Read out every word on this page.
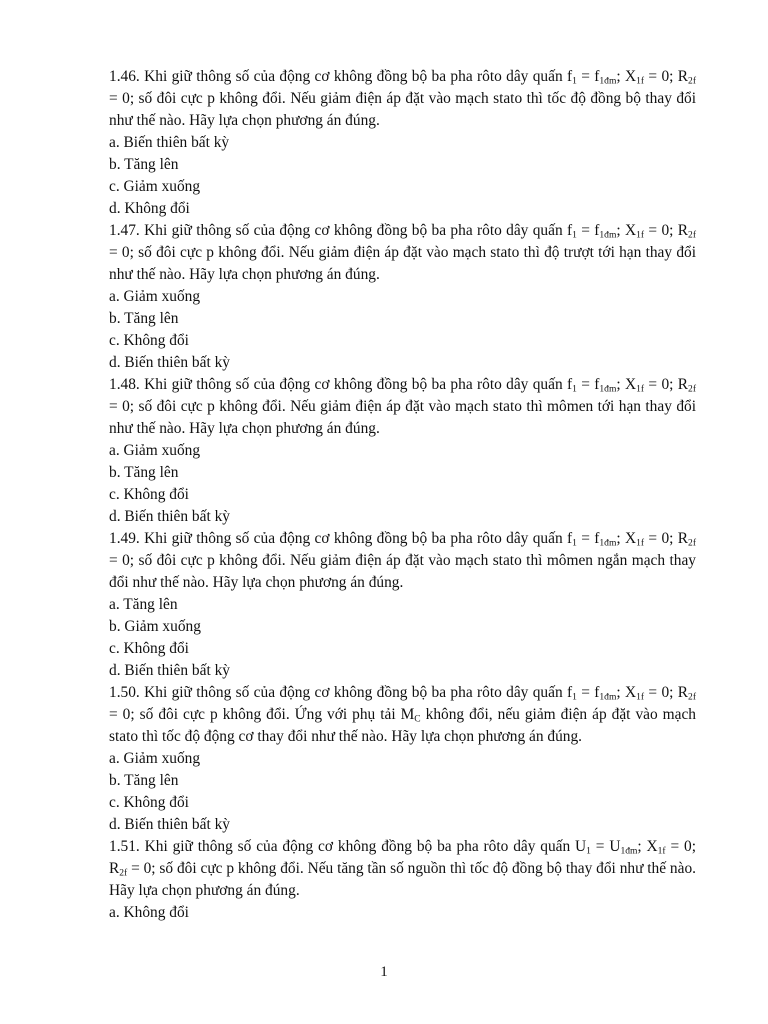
1.46. Khi giữ thông số của động cơ không đồng bộ ba pha rôto dây quấn $f_1 = f_{1đm}$; $X_{1f} = 0$; $R_{2f} = 0$; số đôi cực p không đổi. Nếu giảm điện áp đặt vào mạch stato thì tốc độ đồng bộ thay đổi như thế nào. Hãy lựa chọn phương án đúng.
a. Biến thiên bất kỳ
b. Tăng lên
c. Giảm xuống
d. Không đổi
1.47. Khi giữ thông số của động cơ không đồng bộ ba pha rôto dây quấn $f_1 = f_{1đm}$; $X_{1f} = 0$; $R_{2f} = 0$; số đôi cực p không đổi. Nếu giảm điện áp đặt vào mạch stato thì độ trượt tới hạn thay đổi như thế nào. Hãy lựa chọn phương án đúng.
a. Giảm xuống
b. Tăng lên
c. Không đổi
d. Biến thiên bất kỳ
1.48. Khi giữ thông số của động cơ không đồng bộ ba pha rôto dây quấn $f_1 = f_{1đm}$; $X_{1f} = 0$; $R_{2f} = 0$; số đôi cực p không đổi. Nếu giảm điện áp đặt vào mạch stato thì mômen tới hạn thay đổi như thế nào. Hãy lựa chọn phương án đúng.
a. Giảm xuống
b. Tăng lên
c. Không đổi
d. Biến thiên bất kỳ
1.49. Khi giữ thông số của động cơ không đồng bộ ba pha rôto dây quấn $f_1 = f_{1đm}$; $X_{1f} = 0$; $R_{2f} = 0$; số đôi cực p không đổi. Nếu giảm điện áp đặt vào mạch stato thì mômen ngắn mạch thay đổi như thế nào. Hãy lựa chọn phương án đúng.
a. Tăng lên
b. Giảm xuống
c. Không đổi
d. Biến thiên bất kỳ
1.50. Khi giữ thông số của động cơ không đồng bộ ba pha rôto dây quấn $f_1 = f_{1đm}$; $X_{1f} = 0$; $R_{2f} = 0$; số đôi cực p không đổi. Ứng với phụ tải $M_C$ không đổi, nếu giảm điện áp đặt vào mạch stato thì tốc độ động cơ thay đổi như thế nào. Hãy lựa chọn phương án đúng.
a. Giảm xuống
b. Tăng lên
c. Không đổi
d. Biến thiên bất kỳ
1.51. Khi giữ thông số của động cơ không đồng bộ ba pha rôto dây quấn $U_1 = U_{1đm}$; $X_{1f} = 0$; $R_{2f} = 0$; số đôi cực p không đổi. Nếu tăng tần số nguồn thì tốc độ đồng bộ thay đổi như thế nào. Hãy lựa chọn phương án đúng.
a. Không đổi
1
